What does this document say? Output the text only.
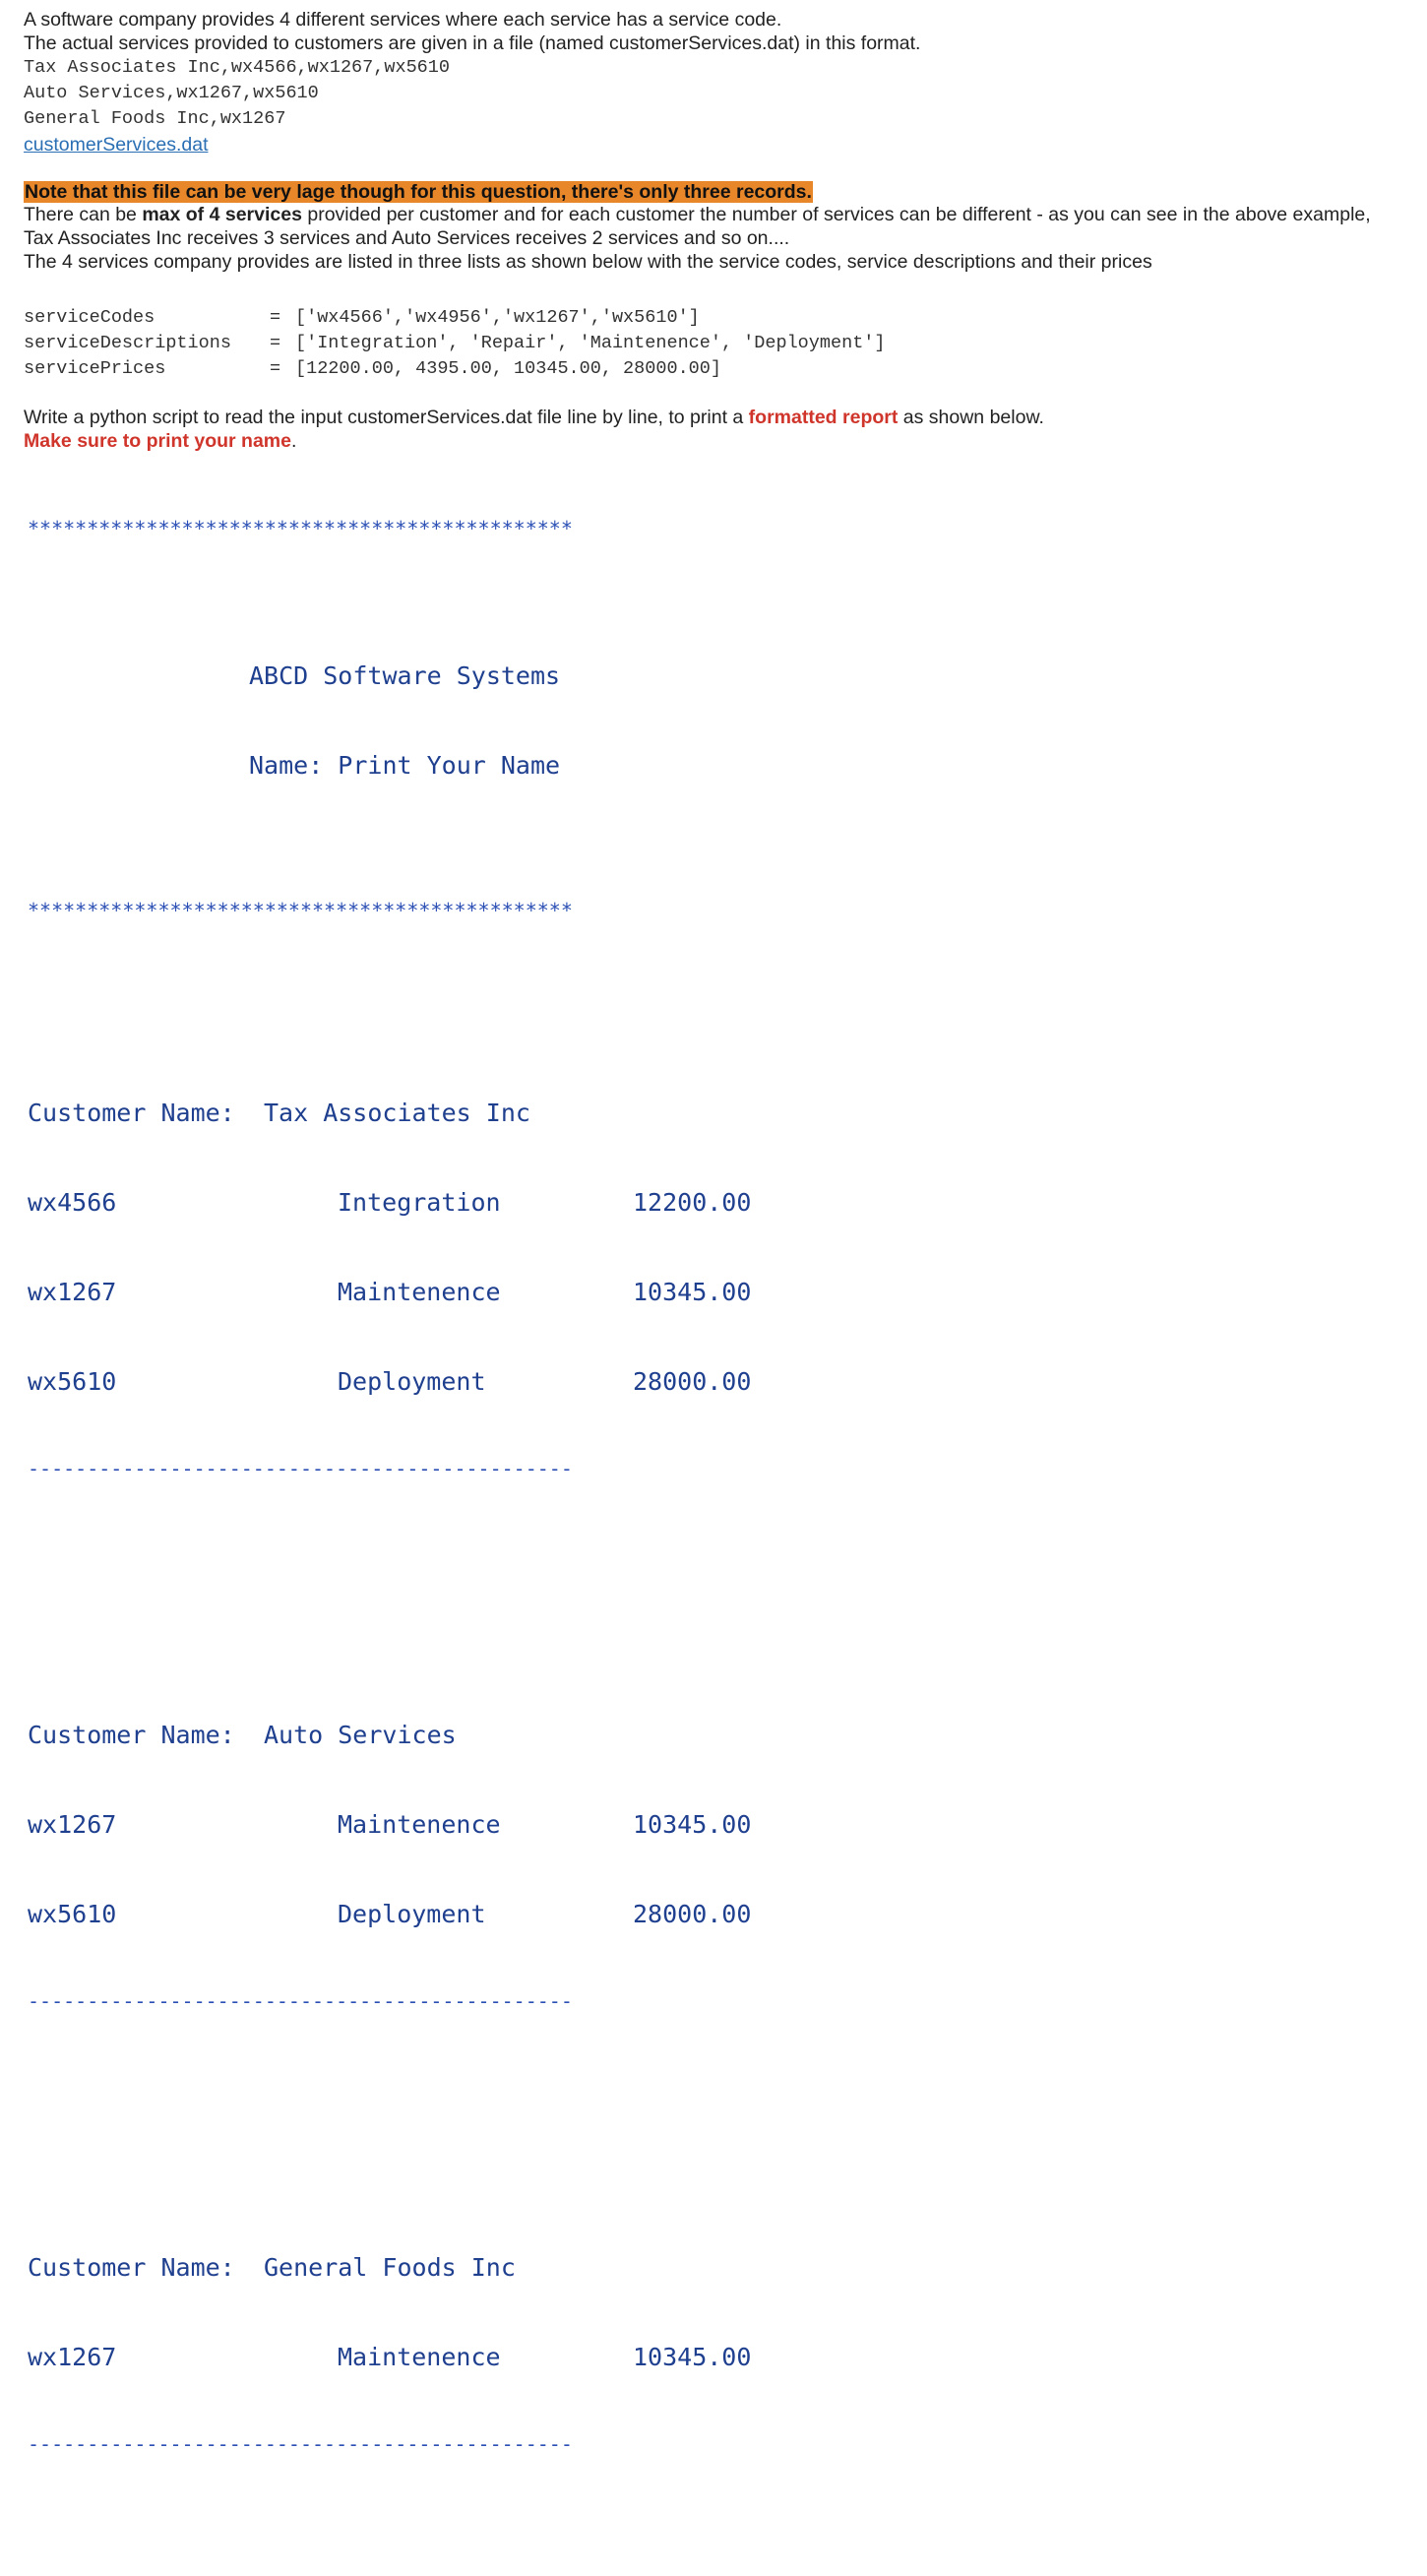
A software company provides 4 different services where each service has a service code.
The actual services provided to customers are given in a file (named customerServices.dat) in this format.
Tax Associates Inc,wx4566,wx1267,wx5610
Auto Services,wx1267,wx5610
General Foods Inc,wx1267
customerServices.dat
Note that this file can be very lage though for this question, there's only three records.
There can be max of 4 services provided per customer and for each customer the number of services can be different - as you can see in the above example,
Tax Associates Inc receives 3 services and Auto Services receives 2 services and so on....
The 4 services company provides are listed in three lists as shown below with the service codes, service descriptions and their prices
serviceCodes	= ['wx4566','wx4956','wx1267','wx5610']
serviceDescriptions	= ['Integration', 'Repair', 'Maintenence', 'Deployment']
servicePrices	= [12200.00, 4395.00, 10345.00, 28000.00]
Write a python script to read the input customerServices.dat file line by line, to print a formatted report as shown below.
Make sure to print your name.

**********************************************

ABCD Software Systems

Name: Print Your Name

**********************************************

Customer Name:	Tax Associates Inc

wx4566	Integration	12200.00

wx1267	Maintenence	10345.00

wx5610	Deployment	28000.00

----------------------------------------------

Customer Name:	Auto Services

wx1267	Maintenence	10345.00

wx5610	Deployment	28000.00

----------------------------------------------

Customer Name:	General Foods Inc

wx1267	Maintenence	10345.00

----------------------------------------------
